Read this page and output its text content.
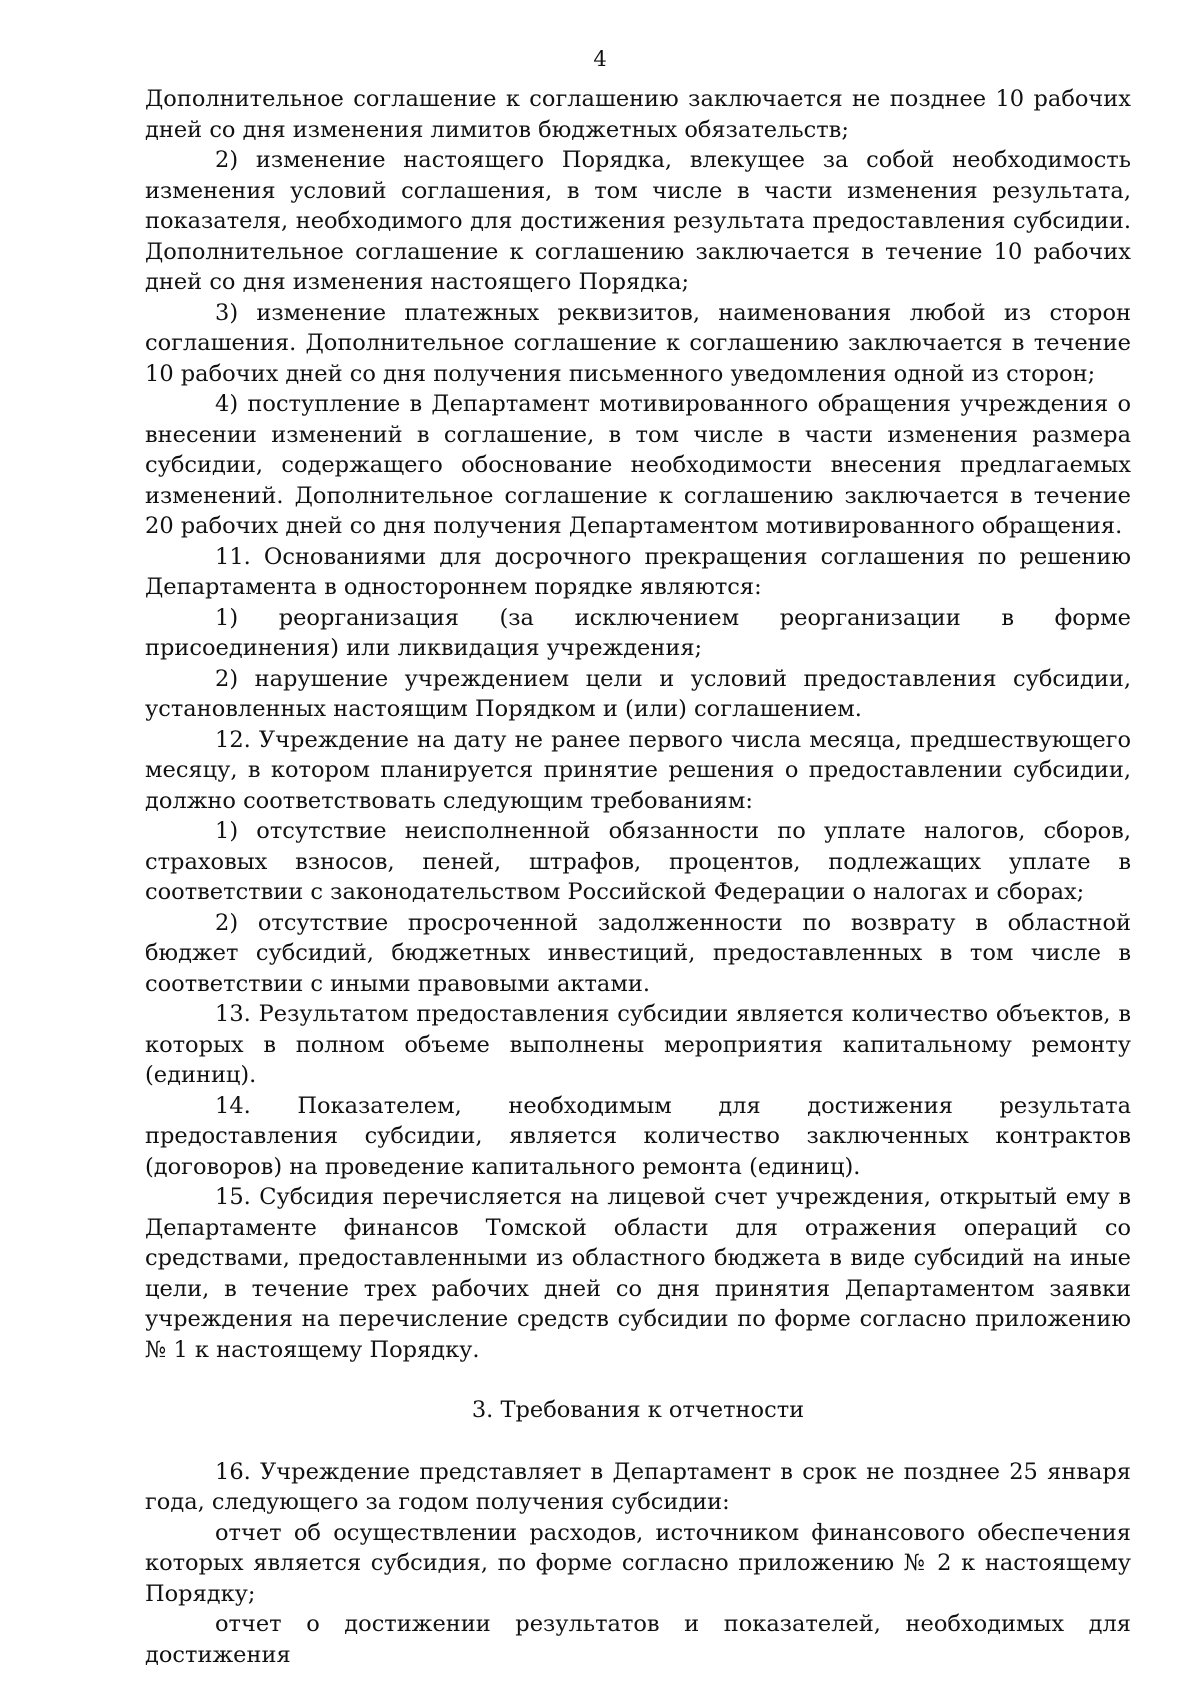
4

Дополнительное соглашение к соглашению заключается не позднее 10 рабочих дней со дня изменения лимитов бюджетных обязательств;

2) изменение настоящего Порядка, влекущее за собой необходимость изменения условий соглашения, в том числе в части изменения результата, показателя, необходимого для достижения результата предоставления субсидии. Дополнительное соглашение к соглашению заключается в течение 10 рабочих дней со дня изменения настоящего Порядка;

3) изменение платежных реквизитов, наименования любой из сторон соглашения. Дополнительное соглашение к соглашению заключается в течение 10 рабочих дней со дня получения письменного уведомления одной из сторон;

4) поступление в Департамент мотивированного обращения учреждения о внесении изменений в соглашение, в том числе в части изменения размера субсидии, содержащего обоснование необходимости внесения предлагаемых изменений. Дополнительное соглашение к соглашению заключается в течение 20 рабочих дней со дня получения Департаментом мотивированного обращения.

11. Основаниями для досрочного прекращения соглашения по решению Департамента в одностороннем порядке являются:

1) реорганизация (за исключением реорганизации в форме присоединения) или ликвидация учреждения;

2) нарушение учреждением цели и условий предоставления субсидии, установленных настоящим Порядком и (или) соглашением.

12. Учреждение на дату не ранее первого числа месяца, предшествующего месяцу, в котором планируется принятие решения о предоставлении субсидии, должно соответствовать следующим требованиям:

1) отсутствие неисполненной обязанности по уплате налогов, сборов, страховых взносов, пеней, штрафов, процентов, подлежащих уплате в соответствии с законодательством Российской Федерации о налогах и сборах;

2) отсутствие просроченной задолженности по возврату в областной бюджет субсидий, бюджетных инвестиций, предоставленных в том числе в соответствии с иными правовыми актами.

13. Результатом предоставления субсидии является количество объектов, в которых в полном объеме выполнены мероприятия капитальному ремонту (единиц).

14. Показателем, необходимым для достижения результата предоставления субсидии, является количество заключенных контрактов (договоров) на проведение капитального ремонта (единиц).

15. Субсидия перечисляется на лицевой счет учреждения, открытый ему в Департаменте финансов Томской области для отражения операций со средствами, предоставленными из областного бюджета в виде субсидий на иные цели, в течение трех рабочих дней со дня принятия Департаментом заявки учреждения на перечисление средств субсидии по форме согласно приложению № 1 к настоящему Порядку.

3. Требования к отчетности

16. Учреждение представляет в Департамент в срок не позднее 25 января года, следующего за годом получения субсидии:

отчет об осуществлении расходов, источником финансового обеспечения которых является субсидия, по форме согласно приложению № 2 к настоящему Порядку;

отчет о достижении результатов и показателей, необходимых для достижения
